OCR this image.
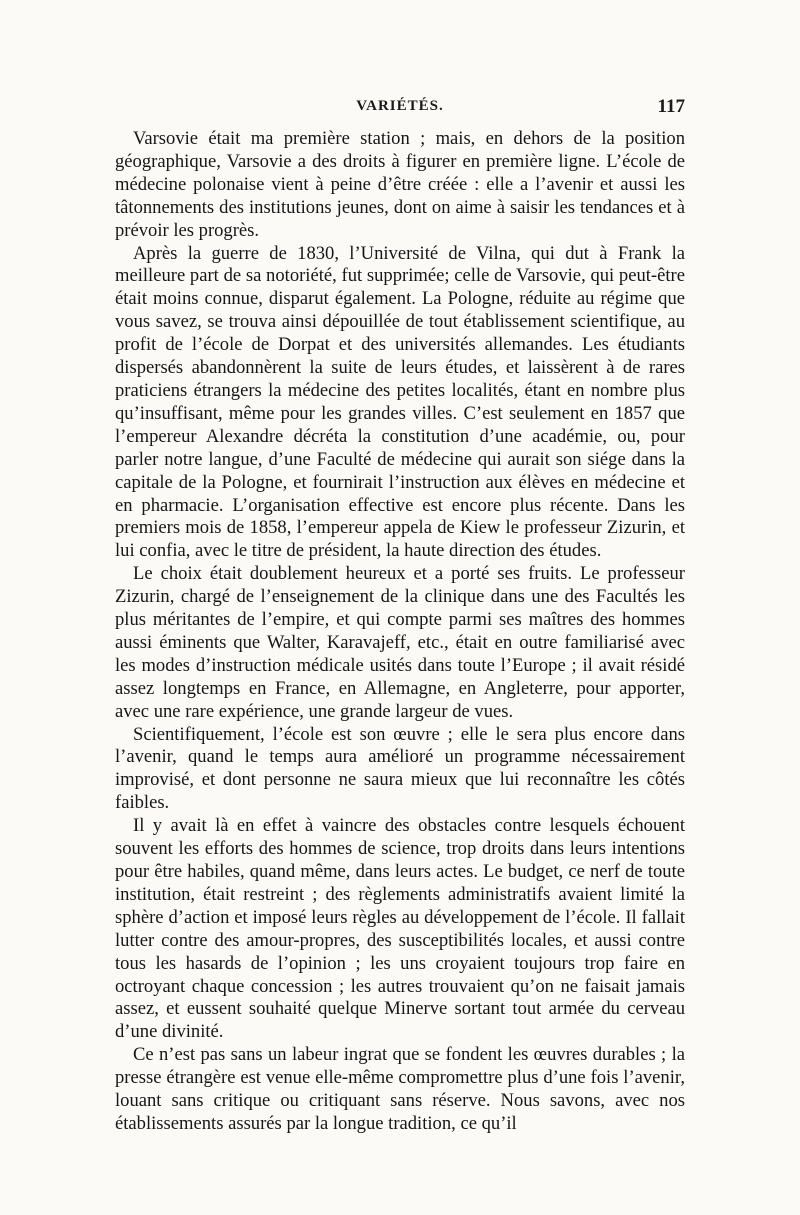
VARIÉTÉS.	117

Varsovie était ma première station ; mais, en dehors de la position géographique, Varsovie a des droits à figurer en première ligne. L’école de médecine polonaise vient à peine d’être créée : elle a l’avenir et aussi les tâtonnements des institutions jeunes, dont on aime à saisir les tendances et à prévoir les progrès.

Après la guerre de 1830, l’Université de Vilna, qui dut à Frank la meilleure part de sa notoriété, fut supprimée; celle de Varsovie, qui peut-être était moins connue, disparut également. La Pologne, réduite au régime que vous savez, se trouva ainsi dépouillée de tout établissement scientifique, au profit de l’école de Dorpat et des universités allemandes. Les étudiants dispersés abandonnèrent la suite de leurs études, et laissèrent à de rares praticiens étrangers la médecine des petites localités, étant en nombre plus qu’insuffisant, même pour les grandes villes. C’est seulement en 1857 que l’empereur Alexandre décréta la constitution d’une académie, ou, pour parler notre langue, d’une Faculté de médecine qui aurait son siége dans la capitale de la Pologne, et fournirait l’instruction aux élèves en médecine et en pharmacie. L’organisation effective est encore plus récente. Dans les premiers mois de 1858, l’empereur appela de Kiew le professeur Zizurin, et lui confia, avec le titre de président, la haute direction des études.

Le choix était doublement heureux et a porté ses fruits. Le professeur Zizurin, chargé de l’enseignement de la clinique dans une des Facultés les plus méritantes de l’empire, et qui compte parmi ses maîtres des hommes aussi éminents que Walter, Karavajeff, etc., était en outre familiarisé avec les modes d’instruction médicale usités dans toute l’Europe ; il avait résidé assez longtemps en France, en Allemagne, en Angleterre, pour apporter, avec une rare expérience, une grande largeur de vues.

Scientifiquement, l’école est son œuvre ; elle le sera plus encore dans l’avenir, quand le temps aura amélioré un programme nécessairement improvisé, et dont personne ne saura mieux que lui reconnaître les côtés faibles.

Il y avait là en effet à vaincre des obstacles contre lesquels échouent souvent les efforts des hommes de science, trop droits dans leurs intentions pour être habiles, quand même, dans leurs actes. Le budget, ce nerf de toute institution, était restreint ; des règlements administratifs avaient limité la sphère d’action et imposé leurs règles au développement de l’école. Il fallait lutter contre des amour-propres, des susceptibilités locales, et aussi contre tous les hasards de l’opinion ; les uns croyaient toujours trop faire en octroyant chaque concession ; les autres trouvaient qu’on ne faisait jamais assez, et eussent souhaité quelque Minerve sortant tout armée du cerveau d’une divinité.

Ce n’est pas sans un labeur ingrat que se fondent les œuvres durables ; la presse étrangère est venue elle-même compromettre plus d’une fois l’avenir, louant sans critique ou critiquant sans réserve. Nous savons, avec nos établissements assurés par la longue tradition, ce qu’il
